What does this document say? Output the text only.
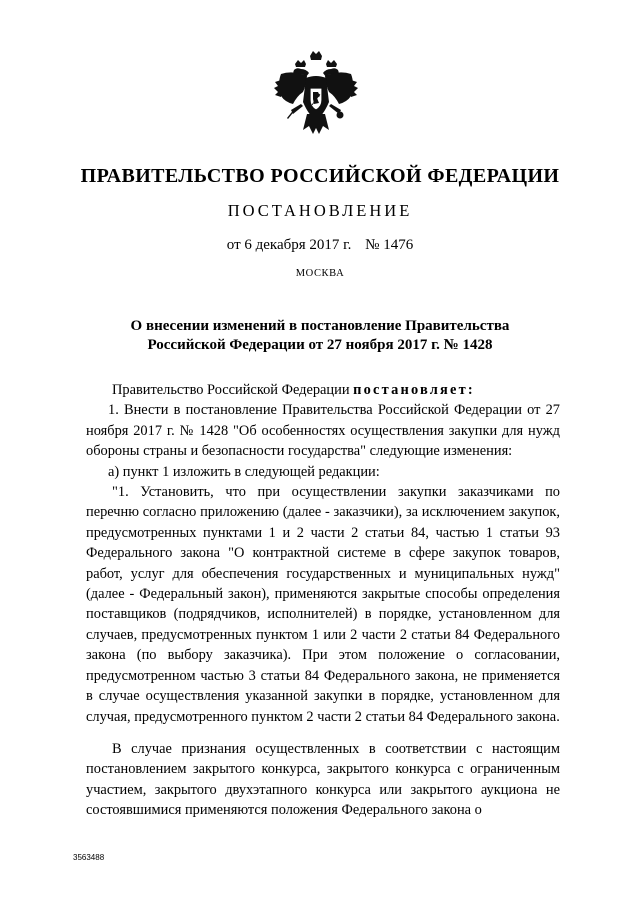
ПРАВИТЕЛЬСТВО РОССИЙСКОЙ ФЕДЕРАЦИИ
ПОСТАНОВЛЕНИЕ
от 6 декабря 2017 г. № 1476
МОСКВА
О внесении изменений в постановление Правительства
Российской Федерации от 27 ноября 2017 г. № 1428

Правительство Российской Федерации постановляет:

1. Внести в постановление Правительства Российской Федерации от 27 ноября 2017 г. № 1428 "Об особенностях осуществления закупки для нужд обороны страны и безопасности государства" следующие изменения:

а) пункт 1 изложить в следующей редакции:

"1. Установить, что при осуществлении закупки заказчиками по перечню согласно приложению (далее - заказчики), за исключением закупок, предусмотренных пунктами 1 и 2 части 2 статьи 84, частью 1 статьи 93 Федерального закона "О контрактной системе в сфере закупок товаров, работ, услуг для обеспечения государственных и муниципальных нужд" (далее - Федеральный закон), применяются закрытые способы определения поставщиков (подрядчиков, исполнителей) в порядке, установленном для случаев, предусмотренных пунктом 1 или 2 части 2 статьи 84 Федерального закона (по выбору заказчика). При этом положение о согласовании, предусмотренном частью 3 статьи 84 Федерального закона, не применяется в случае осуществления указанной закупки в порядке, установленном для случая, предусмотренного пунктом 2 части 2 статьи 84 Федерального закона.

В случае признания осуществленных в соответствии с настоящим постановлением закрытого конкурса, закрытого конкурса с ограниченным участием, закрытого двухэтапного конкурса или закрытого аукциона не состоявшимися применяются положения Федерального закона о

3563488
